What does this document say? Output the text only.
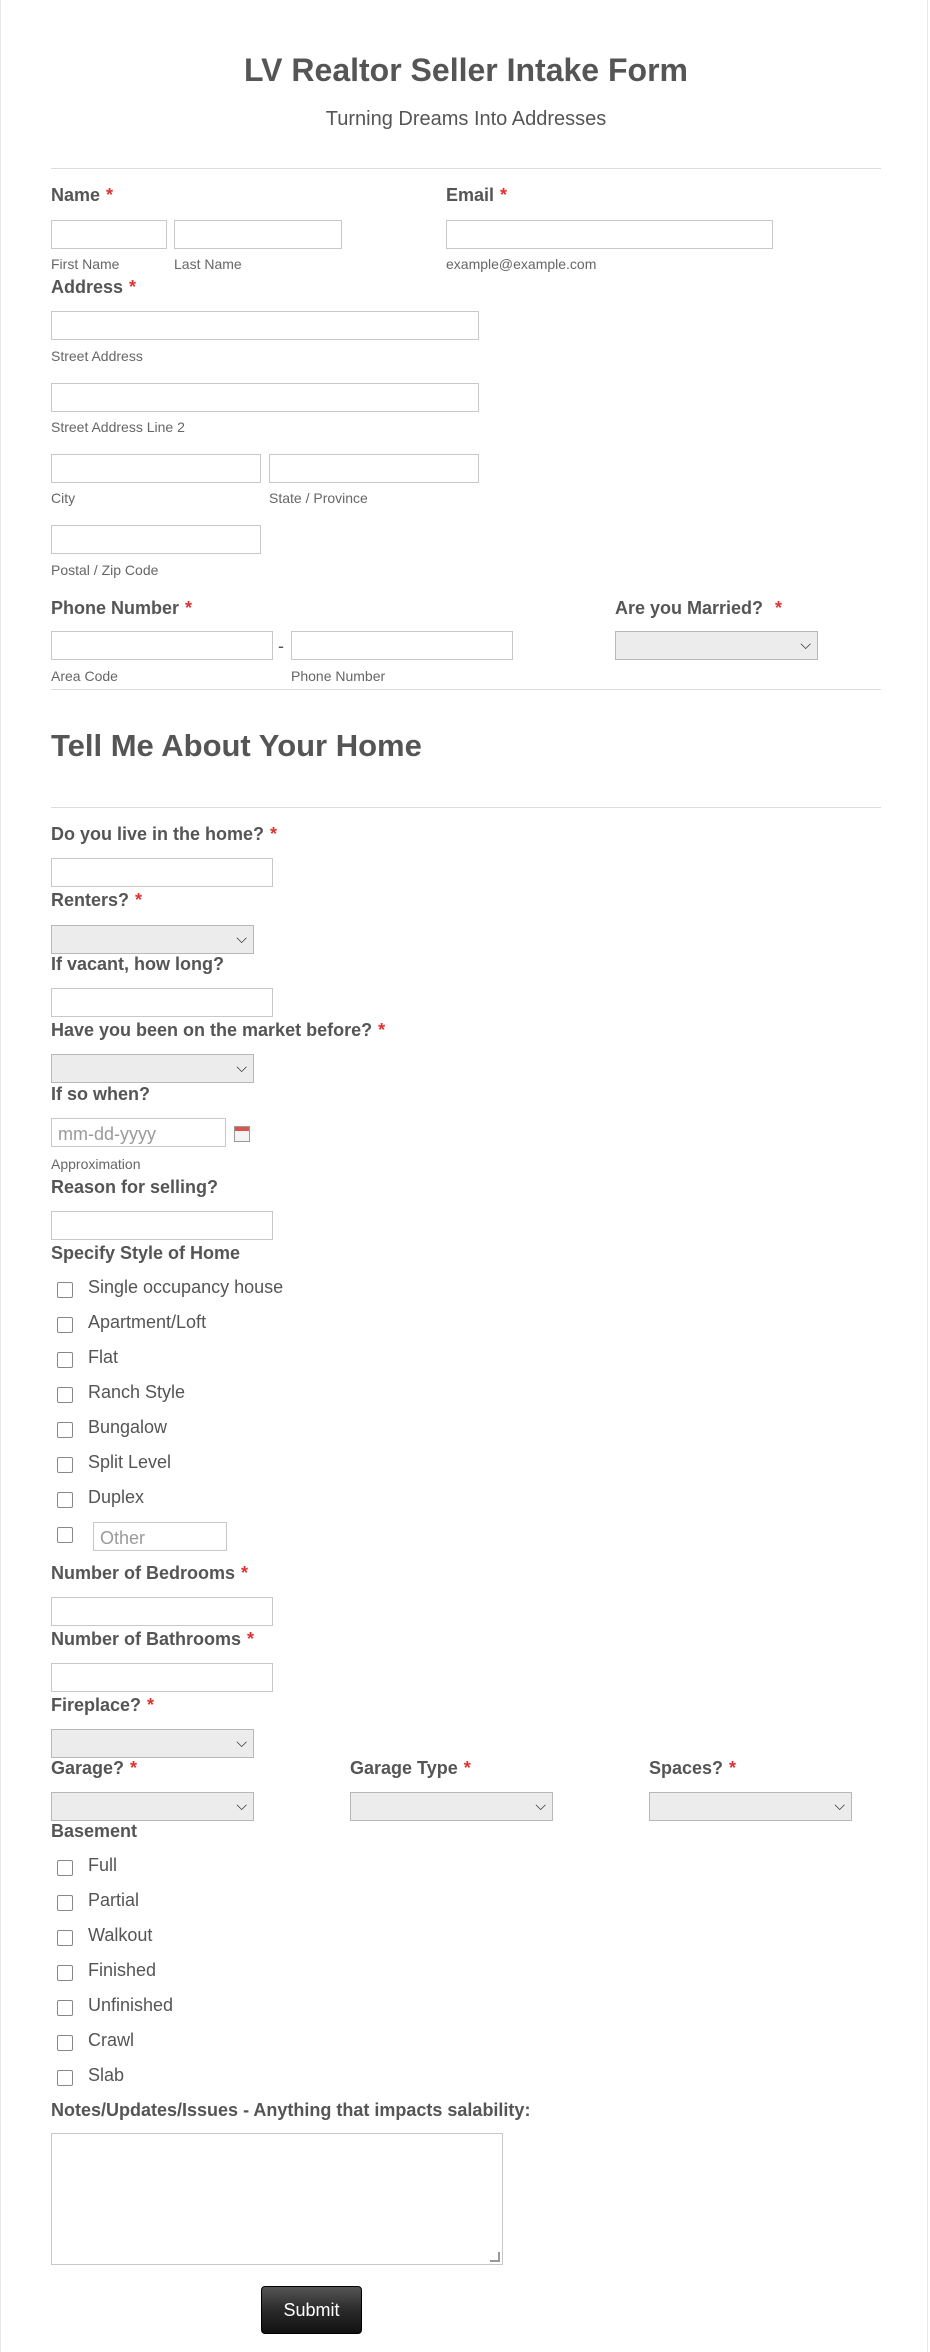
LV Realtor Seller Intake Form
Turning Dreams Into Addresses
Name *
First Name	Last Name
Email *
example@example.com
Address *
Street Address
Street Address Line 2
City	State / Province
Postal / Zip Code
Phone Number *
-
Area Code	Phone Number
Are you Married? *
⌵
Tell Me About Your Home
Do you live in the home? *
Renters? *
⌵
If vacant, how long?
Have you been on the market before? *
⌵
If so when?
mm-dd-yyyy
Approximation
Reason for selling?
Specify Style of Home
Single occupancy house
Apartment/Loft
Flat
Ranch Style
Bungalow
Split Level
Duplex
Other
Number of Bedrooms *
Number of Bathrooms *
Fireplace? *
⌵
Garage? *
⌵
Garage Type *
⌵
Spaces? *
⌵
Basement
Full
Partial
Walkout
Finished
Unfinished
Crawl
Slab
Notes/Updates/Issues - Anything that impacts salability:
Submit
